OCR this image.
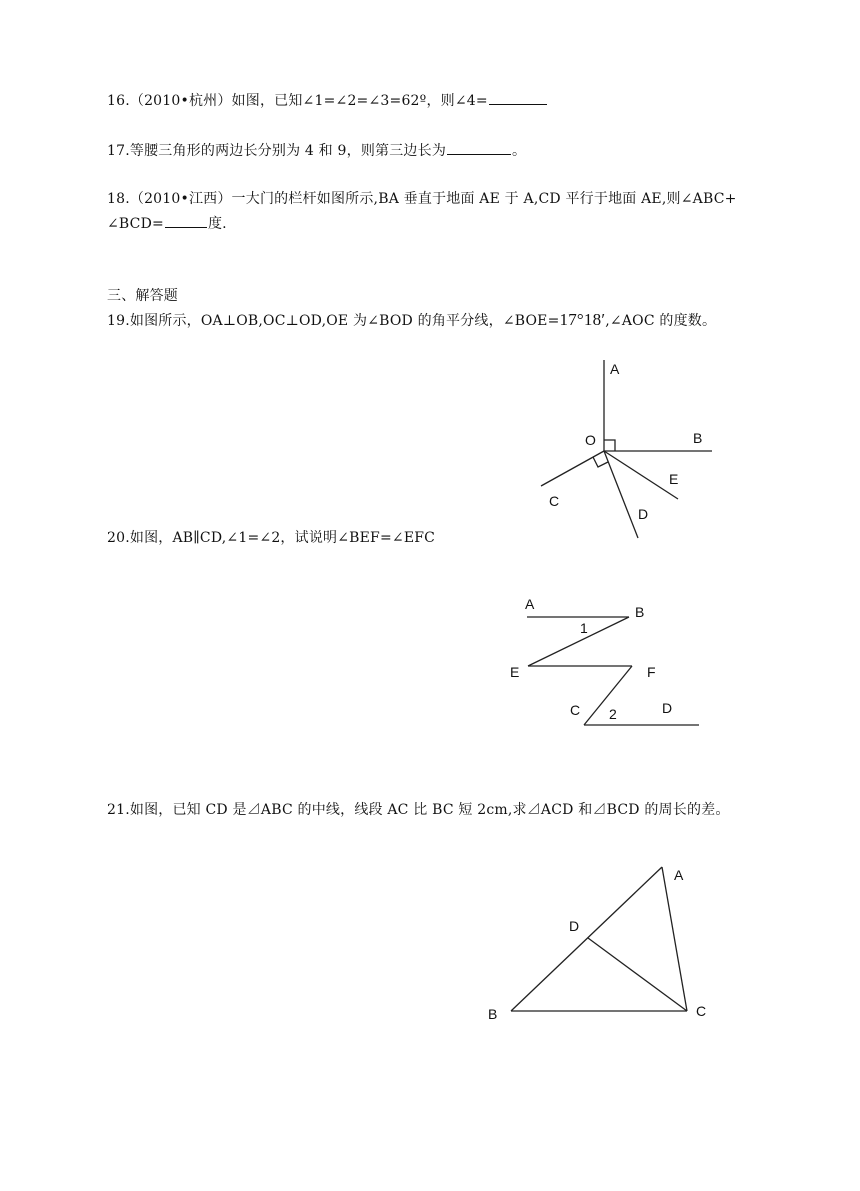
16.（2010•杭州）如图，已知∠1=∠2=∠3=62º，则∠4=
17.等腰三角形的两边长分别为 4 和 9，则第三边长为	。
18.（2010•江西）一大门的栏杆如图所示,BA 垂直于地面 AE 于 A,CD 平行于地面 AE,则∠ABC+
∠BCD=	度.
三、解答题
19.如图所示，OA⊥OB,OC⊥OD,OE 为∠BOD 的角平分线，∠BOE=17°18′,∠AOC 的度数。
A
O	B
E
C
D
20.如图，AB∥CD,∠1=∠2，试说明∠BEF=∠EFC
A	B
1
E	F
C 2	D
21.如图，已知 CD 是⊿ABC 的中线，线段 AC 比 BC 短 2cm,求⊿ACD 和⊿BCD 的周长的差。
A
D
B	C
